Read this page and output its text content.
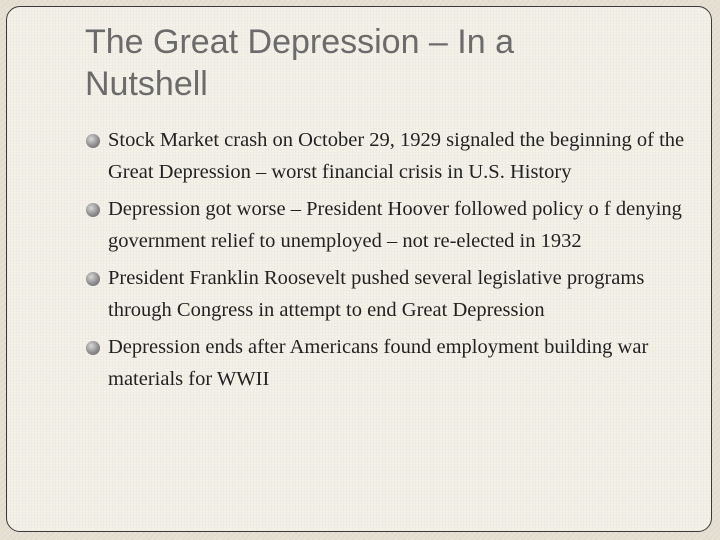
The Great Depression – In a Nutshell
Stock Market crash on October 29, 1929 signaled the beginning of the Great Depression – worst financial crisis in U.S. History
Depression got worse – President Hoover followed policy o f denying government relief to unemployed – not re-elected in 1932
President Franklin Roosevelt pushed several legislative programs through Congress in attempt to end Great Depression
Depression ends after Americans found employment building war materials for WWII
